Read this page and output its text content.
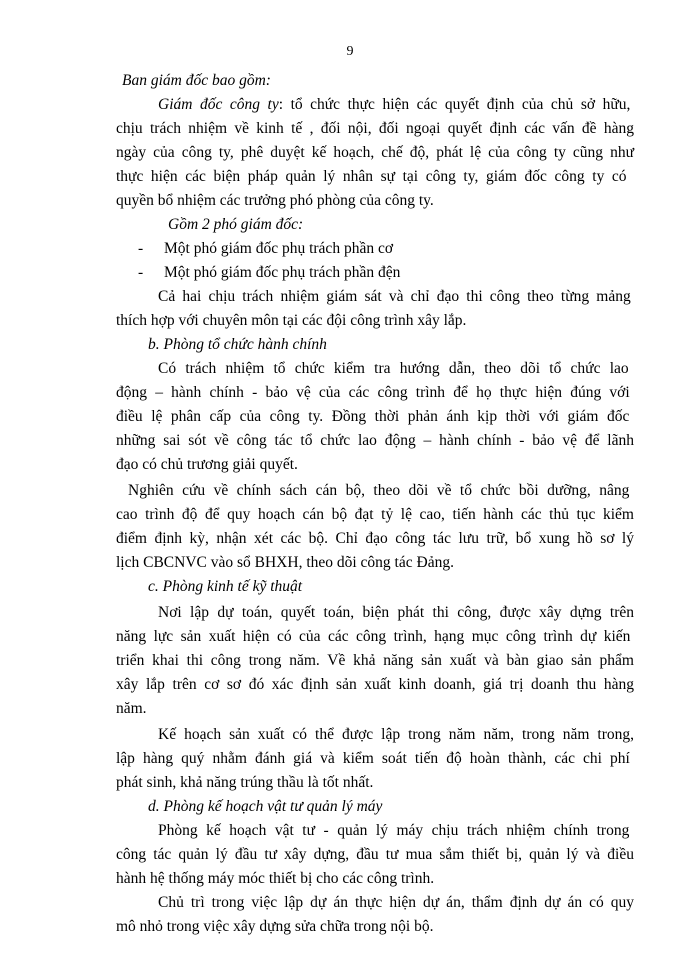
9
Ban giám đốc bao gồm:
Giám đốc công ty: tổ chức thực hiện các quyết định của chủ sở hữu,
chịu trách nhiệm về kinh tế , đối nội, đối ngoại quyết định các vấn đề hàng
ngày của công ty, phê duyệt kế hoạch, chế độ, phát lệ của công ty cũng như
thực hiện các biện pháp quản lý nhân sự tại công ty, giám đốc công ty có
quyền bổ nhiệm các trưởng phó phòng của công ty.
Gồm 2 phó giám đốc:
- Một phó giám đốc phụ trách phần cơ
- Một phó giám đốc phụ trách phần đện
Cả hai chịu trách nhiệm giám sát và chỉ đạo thi công theo từng mảng
thích hợp với chuyên môn tại các đội công trình xây lắp.
b. Phòng tổ chức hành chính
Có trách nhiệm tổ chức kiểm tra hướng dẫn, theo dõi tổ chức lao
động – hành chính - bảo vệ của các công trình để họ thực hiện đúng với
điều lệ phân cấp của công ty. Đồng thời phản ánh kịp thời với giám đốc
những sai sót về công tác tổ chức lao động – hành chính - bảo vệ để lãnh
đạo có chủ trương giải quyết.
Nghiên cứu về chính sách cán bộ, theo dõi về tổ chức bồi dưỡng, nâng
cao trình độ để quy hoạch cán bộ đạt tỷ lệ cao, tiến hành các thủ tục kiểm
điểm định kỳ, nhận xét các bộ. Chỉ đạo công tác lưu trữ, bổ xung hồ sơ lý
lịch CBCNVC vào sổ BHXH, theo dõi công tác Đảng.
c. Phòng kinh tế kỹ thuật
Nơi lập dự toán, quyết toán, biện phát thi công, được xây dựng trên
năng lực sản xuất hiện có của các công trình, hạng mục công trình dự kiến
triển khai thi công trong năm. Về khả năng sản xuất và bàn giao sản phẩm
xây lắp trên cơ sơ đó xác định sản xuất kinh doanh, giá trị doanh thu hàng
năm.
Kế hoạch sản xuất có thể được lập trong năm năm, trong năm trong,
lập hàng quý nhằm đánh giá và kiểm soát tiến độ hoàn thành, các chi phí
phát sinh, khả năng trúng thầu là tốt nhất.
d. Phòng kế hoạch vật tư quản lý máy
Phòng kế hoạch vật tư - quản lý máy chịu trách nhiệm chính trong
công tác quản lý đầu tư xây dựng, đầu tư mua sắm thiết bị, quản lý và điều
hành hệ thống máy móc thiết bị cho các công trình.
Chủ trì trong việc lập dự án thực hiện dự án, thẩm định dự án có quy
mô nhỏ trong việc xây dựng sửa chữa trong nội bộ.
